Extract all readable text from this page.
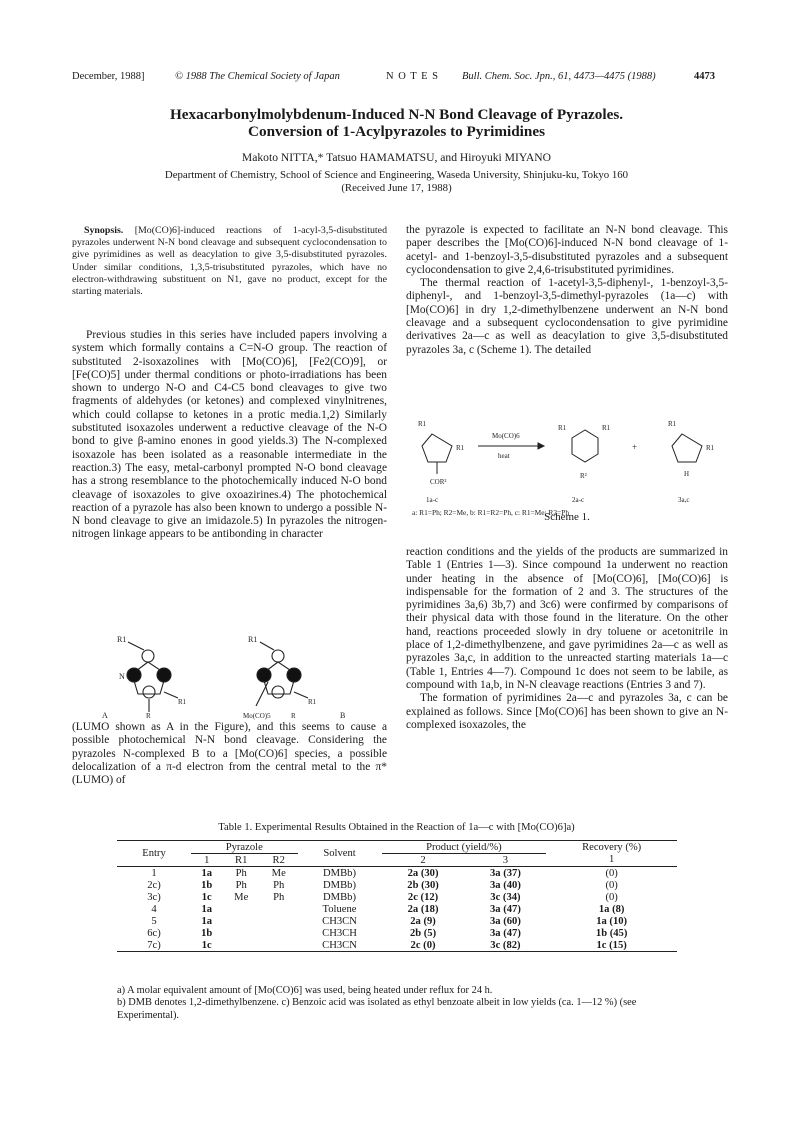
December, 1988]	© 1988 The Chemical Society of Japan	N O T E S Bull. Chem. Soc. Jpn., 61, 4473—4475 (1988)	4473
Hexacarbonylmolybdenum-Induced N-N Bond Cleavage of Pyrazoles.
Conversion of 1-Acylpyrazoles to Pyrimidines
Makoto NITTA,* Tatsuo HAMAMATSU, and Hiroyuki MIYANO
Department of Chemistry, School of Science and Engineering, Waseda University, Shinjuku-ku, Tokyo 160
(Received June 17, 1988)
Synopsis. [Mo(CO)6]-induced reactions of 1-acyl-3,5-disubstituted pyrazoles underwent N-N bond cleavage and subsequent cyclocondensation to give pyrimidines as well as deacylation to give 3,5-disubstituted pyrazoles. Under similar conditions, 1,3,5-trisubstituted pyrazoles, which have no electron-withdrawing substituent on N1, gave no product, except for the starting materials.

Previous studies in this series have included papers involving a system which formally contains a C=N-O group. The reaction of substituted 2-isoxazolines with [Mo(CO)6], [Fe2(CO)9], or [Fe(CO)5] under thermal conditions or photo-irradiations has been shown to undergo N-O and C4-C5 bond cleavages to give two fragments of aldehydes (or ketones) and complexed vinylnitrenes, which could collapse to ketones in a protic media.1,2) Similarly substituted isoxazoles underwent a reductive cleavage of the N-O bond to give β-amino enones in good yields.3) The N-complexed isoxazole has been isolated as a reasonable intermediate in the reaction.3) The easy, metal-carbonyl prompted N-O bond cleavage has a strong resemblance to the photochemically induced N-O bond cleavage of isoxazoles to give oxoazirines.4) The photochemical reaction of a pyrazole has also been known to undergo a possible N-N bond cleavage to give an imidazole.5) In pyrazoles the nitrogen-nitrogen linkage appears to be antibonding in character

R1
N
R1
R
A
R1
R1
Mo(CO)5	R	B

(LUMO shown as A in the Figure), and this seems to cause a possible photochemical N-N bond cleavage. Considering the pyrazoles N-complexed B to a [Mo(CO)6] species, a possible delocalization of a π-d electron from the central metal to the π* (LUMO) of

the pyrazole is expected to facilitate an N-N bond cleavage. This paper describes the [Mo(CO)6]-induced N-N bond cleavage of 1-acetyl- and 1-benzoyl-3,5-disubstituted pyrazoles and a subsequent cyclocondensation to give 2,4,6-trisubstituted pyrimidines.

The thermal reaction of 1-acetyl-3,5-diphenyl-, 1-benzoyl-3,5-diphenyl-, and 1-benzoyl-3,5-dimethyl-pyrazoles (1a—c) with [Mo(CO)6] in dry 1,2-dimethylbenzene underwent an N-N bond cleavage and a subsequent cyclocondensation to give pyrimidine derivatives 2a—c as well as deacylation to give 3,5-disubstituted pyrazoles 3a, c (Scheme 1). The detailed

R1
R1
COR²
1a-c
Mo(CO)6
heat
R1	R1
R²
2a-c
+
R1
R1
H
3a,c
a: R1=Ph; R2=Me, b: R1=R2=Ph, c: R1=Me; R2=Ph
Scheme 1.

reaction conditions and the yields of the products are summarized in Table 1 (Entries 1—3). Since compound 1a underwent no reaction under heating in the absence of [Mo(CO)6], [Mo(CO)6] is indispensable for the formation of 2 and 3. The structures of the pyrimidines 3a,6) 3b,7) and 3c6) were confirmed by comparisons of their physical data with those found in the literature. On the other hand, reactions proceeded slowly in dry toluene or acetonitrile in place of 1,2-dimethylbenzene, and gave pyrimidines 2a—c as well as pyrazoles 3a,c, in addition to the unreacted starting materials 1a—c (Table 1, Entries 4—7). Compound 1c does not seem to be labile, as compound with 1a,b, in N-N cleavage reactions (Entries 3 and 7).

The formation of pyrimidines 2a—c and pyrazoles 3a, c can be explained as follows. Since [Mo(CO)6] has been shown to give an N-complexed isoxazoles, the

Table 1. Experimental Results Obtained in the Reaction of 1a—c with [Mo(CO)6]a)
Entry	Pyrazole			Solvent	Product (yield/%)		Recovery (%)
	1	R1	R2		2	3	1
1	1a	Ph	Me	DMBb)	2a (30)	3a (37)	(0)
2c)	1b	Ph	Ph	DMBb)	2b (30)	3a (40)	(0)
3c)	1c	Me	Ph	DMBb)	2c (12)	3c (34)	(0)
4	1a			Toluene	2a (18)	3a (47)	1a (8)
5	1a			CH3CN	2a (9)	3a (60)	1a (10)
6c)	1b			CH3CH	2b (5)	3a (47)	1b (45)
7c)	1c			CH3CN	2c (0)	3c (82)	1c (15)
a) A molar equivalent amount of [Mo(CO)6] was used, being heated under reflux for 24 h.
b) DMB denotes 1,2-dimethylbenzene. c) Benzoic acid was isolated as ethyl benzoate albeit in low yields (ca. 1—12 %) (see Experimental).
